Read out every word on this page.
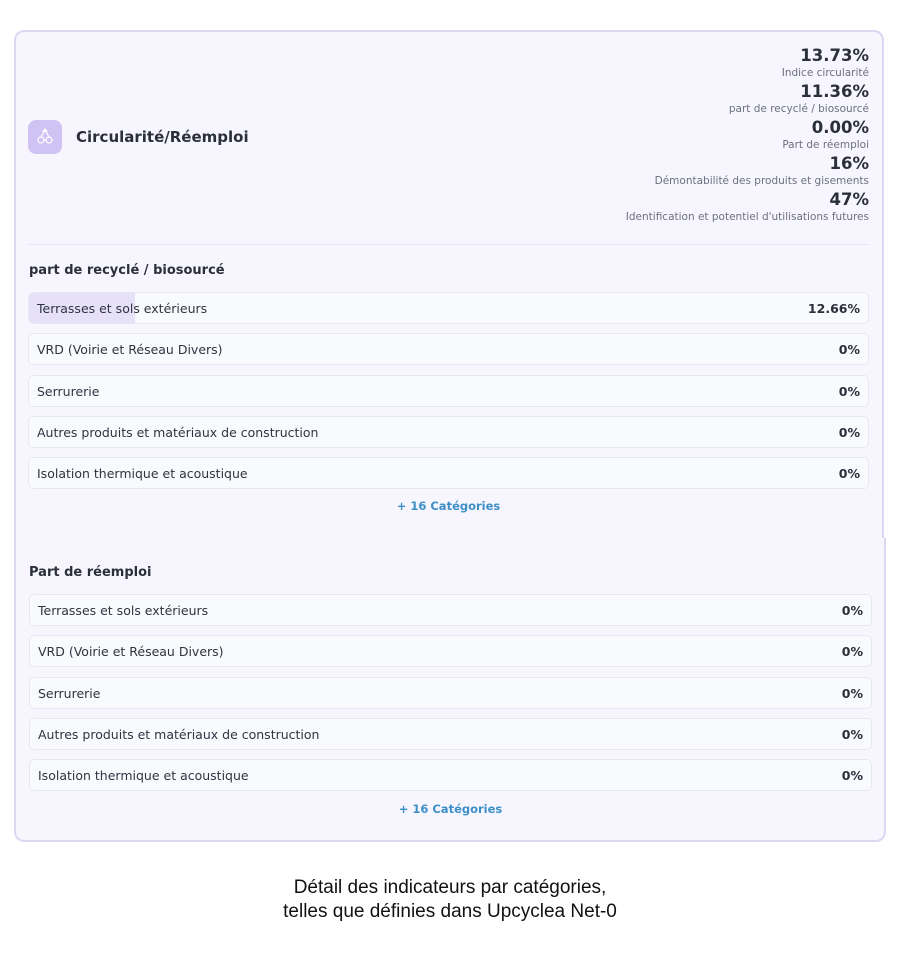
Circularité/Réemploi
13.73%
Indice circularité
11.36%
part de recyclé / biosourcé
0.00%
Part de réemploi
16%
Démontabilité des produits et gisements
47%
Identification et potentiel d'utilisations futures
part de recyclé / biosourcé
Terrasses et sols extérieurs	12.66%
VRD (Voirie et Réseau Divers)	0%
Serrurerie	0%
Autres produits et matériaux de construction	0%
Isolation thermique et acoustique	0%
+ 16 Catégories
Part de réemploi
Terrasses et sols extérieurs	0%
VRD (Voirie et Réseau Divers)	0%
Serrurerie	0%
Autres produits et matériaux de construction	0%
Isolation thermique et acoustique	0%
+ 16 Catégories
Détail des indicateurs par catégories,
telles que définies dans Upcyclea Net-0
